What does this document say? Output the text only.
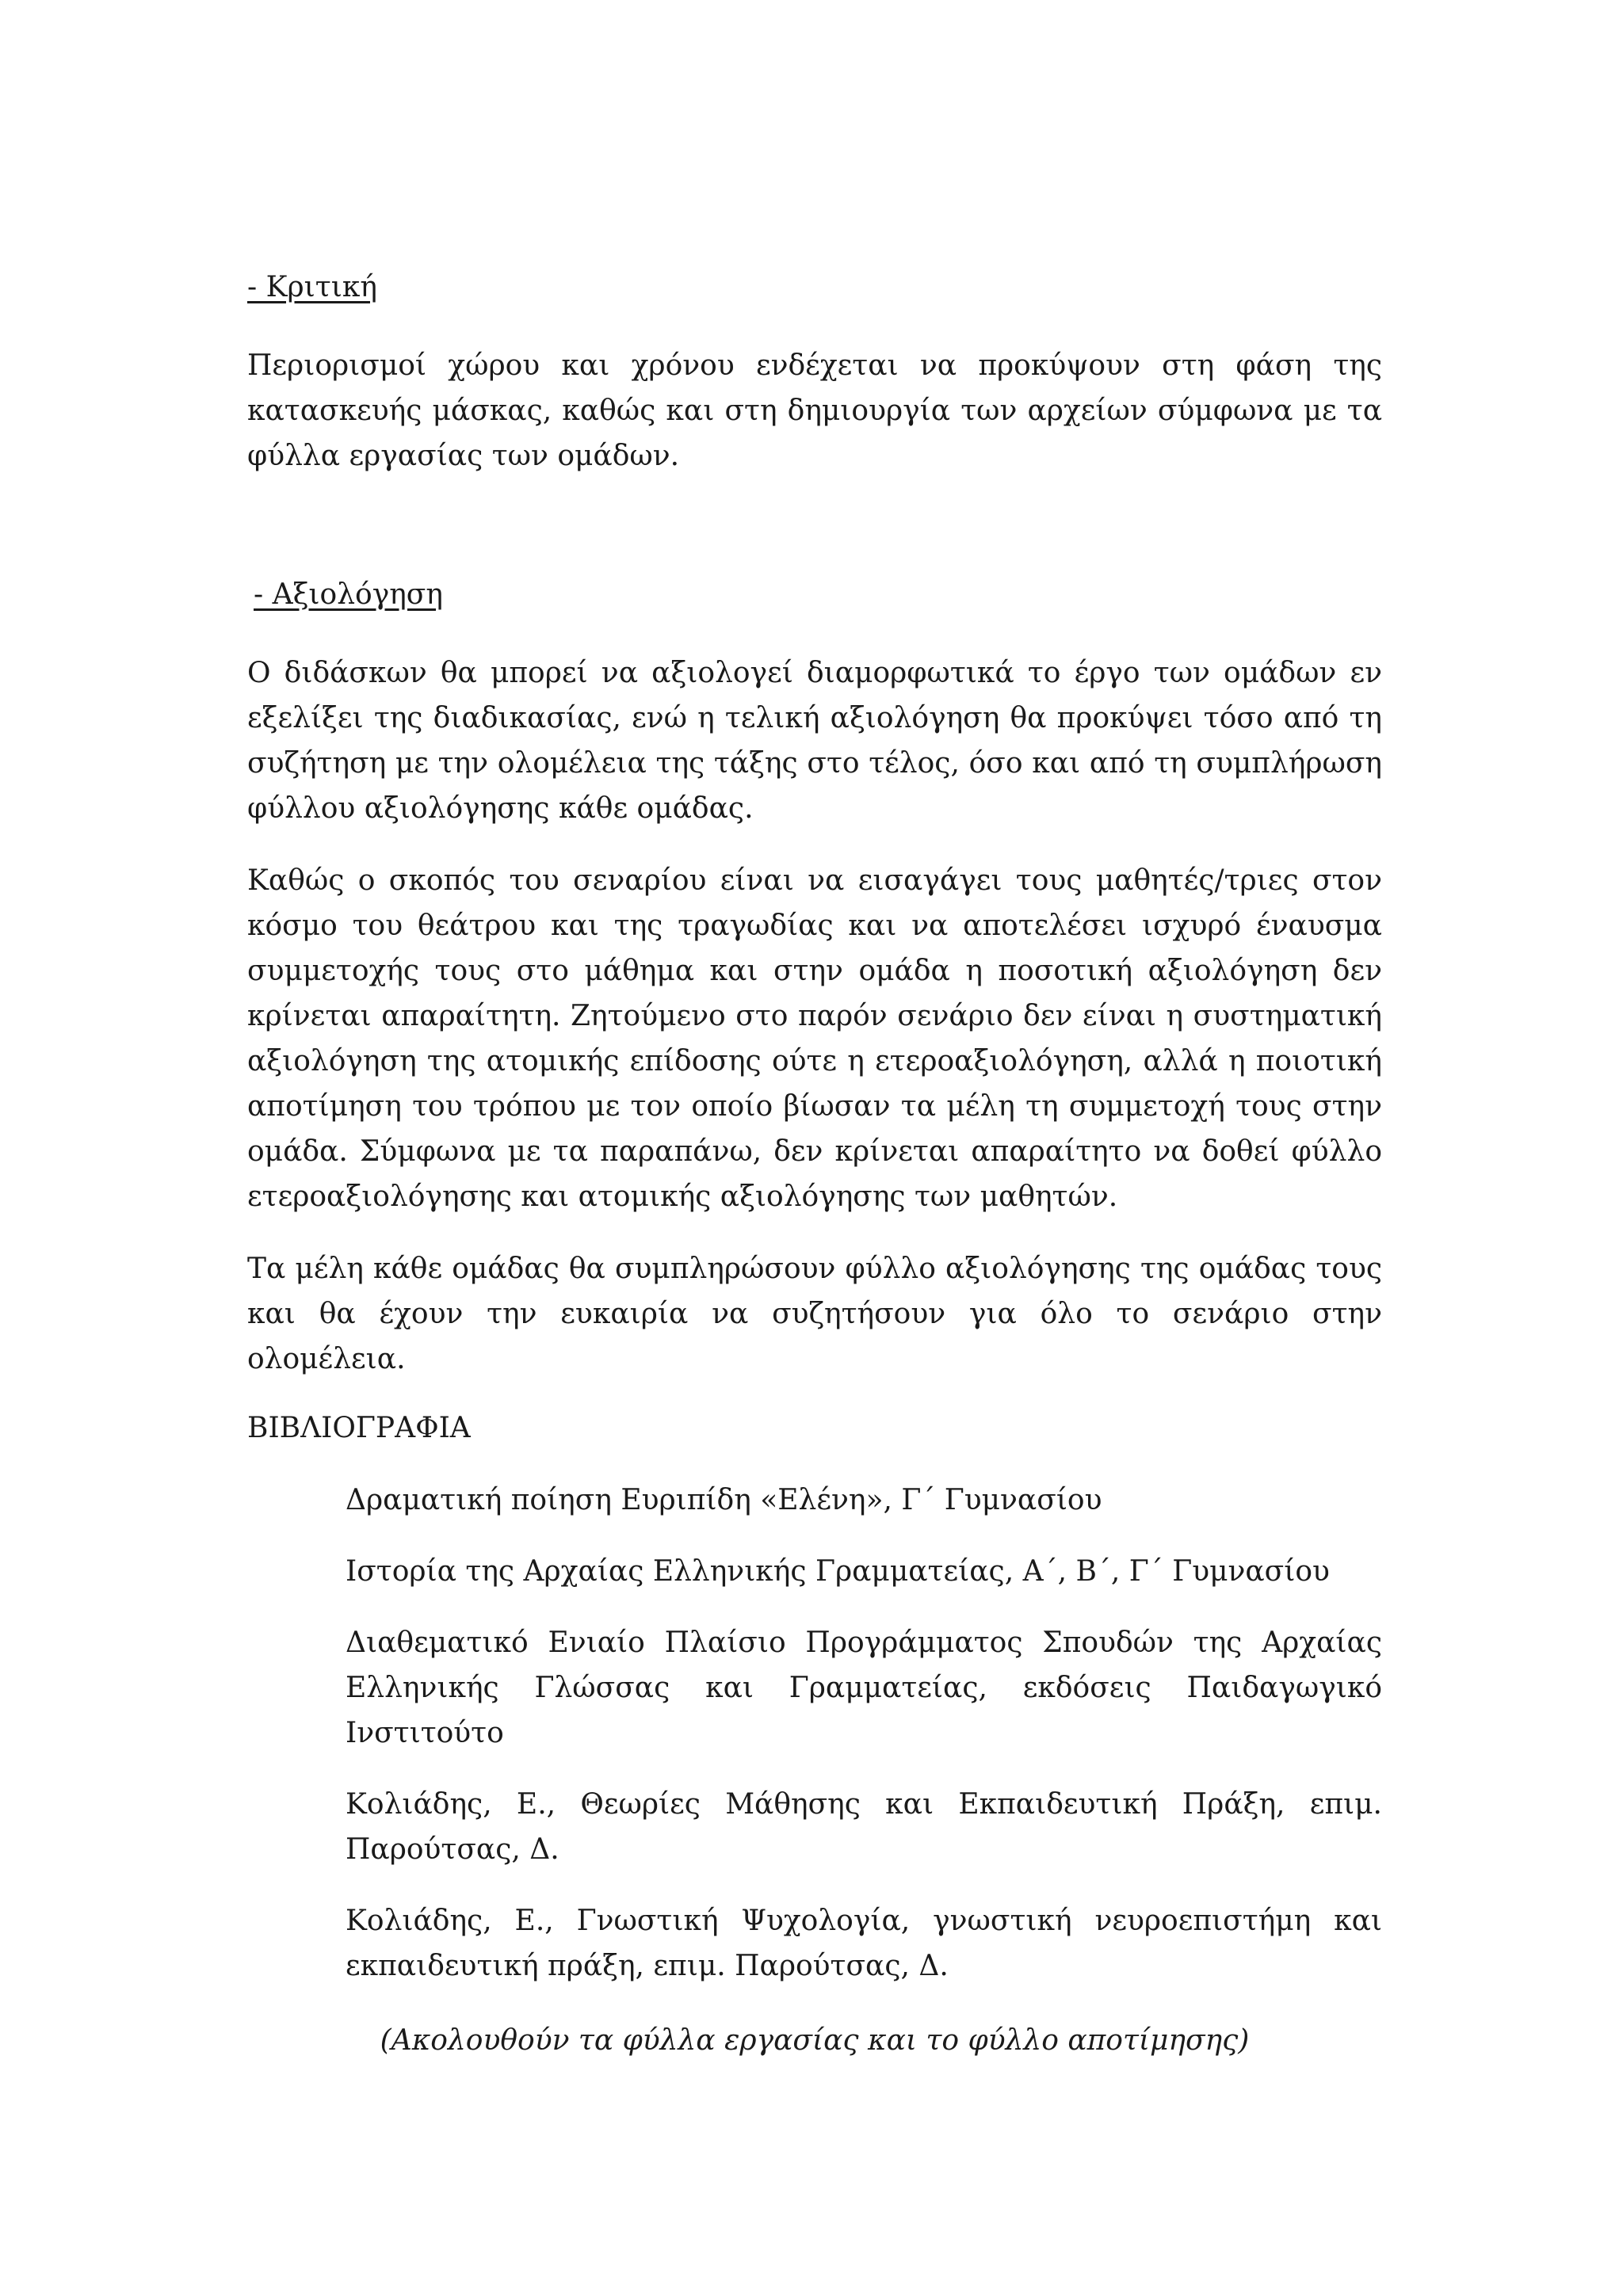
- Κριτική

Περιορισμοί χώρου και χρόνου ενδέχεται να προκύψουν στη φάση της κατασκευής μάσκας, καθώς και στη δημιουργία των αρχείων σύμφωνα με τα φύλλα εργασίας των ομάδων.

- Αξιολόγηση

Ο διδάσκων θα μπορεί να αξιολογεί διαμορφωτικά το έργο των ομάδων εν εξελίξει της διαδικασίας, ενώ η τελική αξιολόγηση θα προκύψει τόσο από τη συζήτηση με την ολομέλεια της τάξης στο τέλος, όσο και από τη συμπλήρωση φύλλου αξιολόγησης κάθε ομάδας.

Καθώς ο σκοπός του σεναρίου είναι να εισαγάγει τους μαθητές/τριες στον κόσμο του θεάτρου και της τραγωδίας και να αποτελέσει ισχυρό έναυσμα συμμετοχής τους στο μάθημα και στην ομάδα η ποσοτική αξιολόγηση δεν κρίνεται απαραίτητη. Ζητούμενο στο παρόν σενάριο δεν είναι η συστηματική αξιολόγηση της ατομικής επίδοσης ούτε η ετεροαξιολόγηση, αλλά η ποιοτική αποτίμηση του τρόπου με τον οποίο βίωσαν τα μέλη τη συμμετοχή τους στην ομάδα. Σύμφωνα με τα παραπάνω, δεν κρίνεται απαραίτητο να δοθεί φύλλο ετεροαξιολόγησης και ατομικής αξιολόγησης των μαθητών.

Τα μέλη κάθε ομάδας θα συμπληρώσουν φύλλο αξιολόγησης της ομάδας τους και θα έχουν την ευκαιρία να συζητήσουν για όλο το σενάριο στην ολομέλεια.

ΒΙΒΛΙΟΓΡΑΦΙΑ

Δραματική ποίηση Ευριπίδη «Ελένη», Γ΄ Γυμνασίου
Ιστορία της Αρχαίας Ελληνικής Γραμματείας, Α΄, Β΄, Γ΄ Γυμνασίου
Διαθεματικό Ενιαίο Πλαίσιο Προγράμματος Σπουδών της Αρχαίας Ελληνικής Γλώσσας και Γραμματείας, εκδόσεις Παιδαγωγικό Ινστιτούτο
Κολιάδης, Ε., Θεωρίες Μάθησης και Εκπαιδευτική Πράξη, επιμ. Παρούτσας, Δ.
Κολιάδης, Ε., Γνωστική Ψυχολογία, γνωστική νευροεπιστήμη και εκπαιδευτική πράξη, επιμ. Παρούτσας, Δ.

(Ακολουθούν τα φύλλα εργασίας και το φύλλο αποτίμησης)
